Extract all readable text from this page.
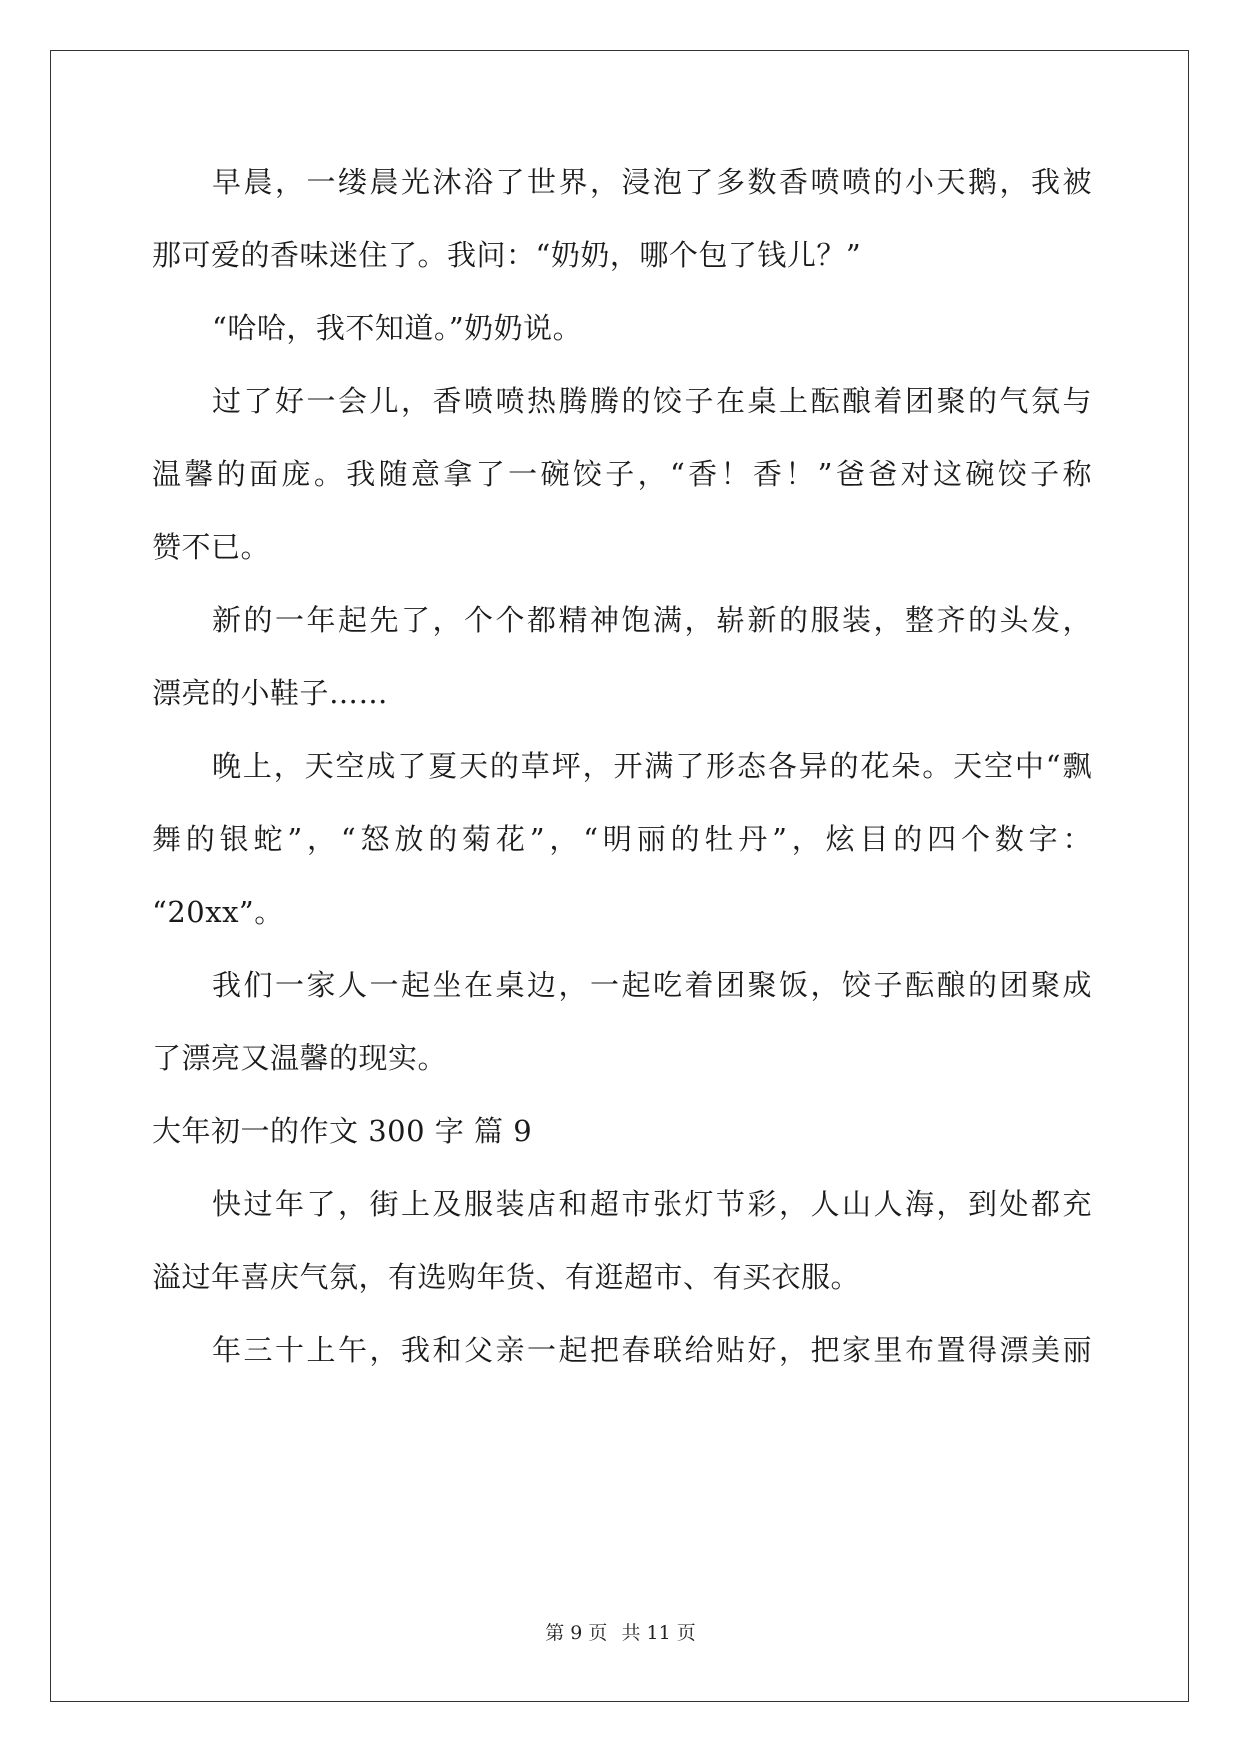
早晨，一缕晨光沐浴了世界，浸泡了多数香喷喷的小天鹅，我被
那可爱的香味迷住了。我问：“奶奶，哪个包了钱儿？”
“哈哈，我不知道。”奶奶说。
过了好一会儿，香喷喷热腾腾的饺子在桌上酝酿着团聚的气氛与
温馨的面庞。我随意拿了一碗饺子，“香！香！”爸爸对这碗饺子称
赞不已。
新的一年起先了，个个都精神饱满，崭新的服装，整齐的头发，
漂亮的小鞋子……
晚上，天空成了夏天的草坪，开满了形态各异的花朵。天空中“飘
舞的银蛇”，“怒放的菊花”，“明丽的牡丹”，炫目的四个数字：
“20xx”。
我们一家人一起坐在桌边，一起吃着团聚饭，饺子酝酿的团聚成
了漂亮又温馨的现实。
大年初一的作文 300 字 篇 9
快过年了，街上及服装店和超市张灯节彩，人山人海，到处都充
溢过年喜庆气氛，有选购年货、有逛超市、有买衣服。
年三十上午，我和父亲一起把春联给贴好，把家里布置得漂美丽
第 9 页 共 11 页
